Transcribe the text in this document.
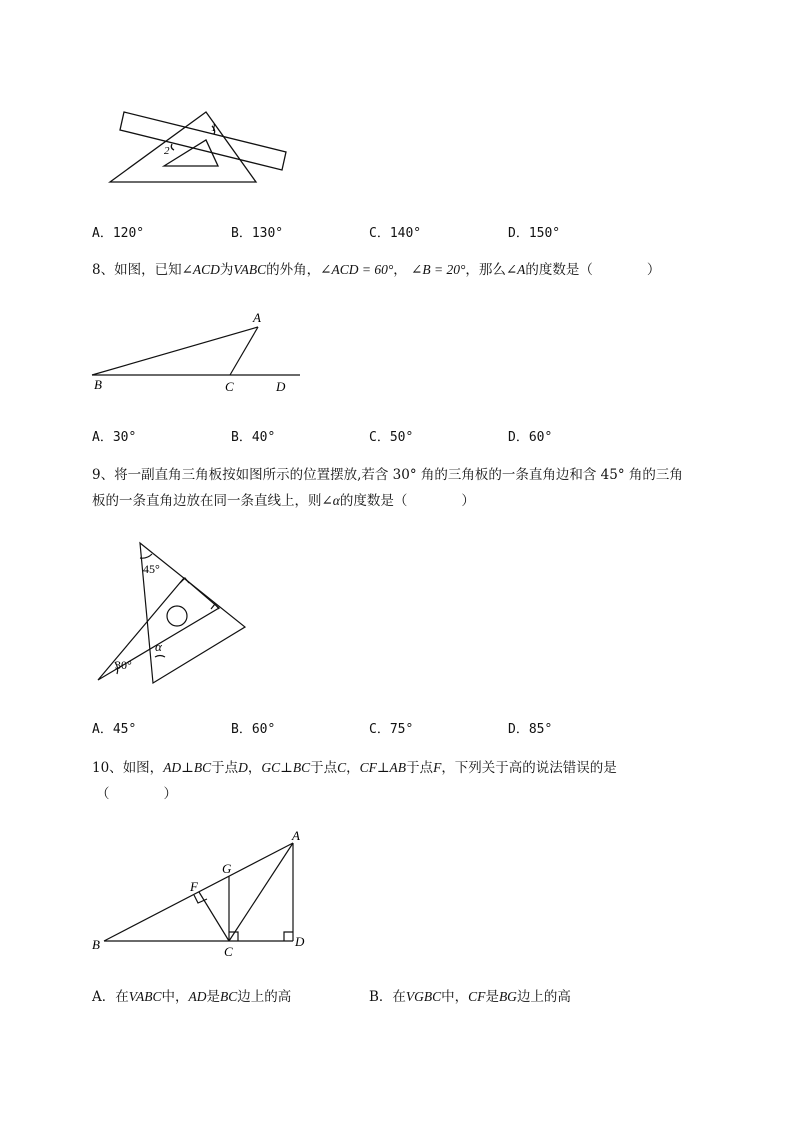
1
2
A．120°	B．130°	C．140°	D．150°
8、如图，已知∠ACD为VABC的外角，∠ACD = 60°， ∠B = 20°，那么∠A的度数是（　　　　）
A
B	C	D
A．30°	B．40°	C．50°	D．60°
9、将一副直角三角板按如图所示的位置摆放,若含 30° 角的三角板的一条直角边和含 45° 角的三角
板的一条直角边放在同一条直线上，则∠α的度数是（　　　　）
45°
30°
α
A．45°	B．60°	C．75°	D．85°
10、如图，AD⊥BC于点D，GC⊥BC于点C，CF⊥AB于点F，下列关于高的说法错误的是
（　　　　）
A
B	C
D
F
G
A．在VABC中，AD是BC边上的高	B．在VGBC中，CF是BG边上的高
